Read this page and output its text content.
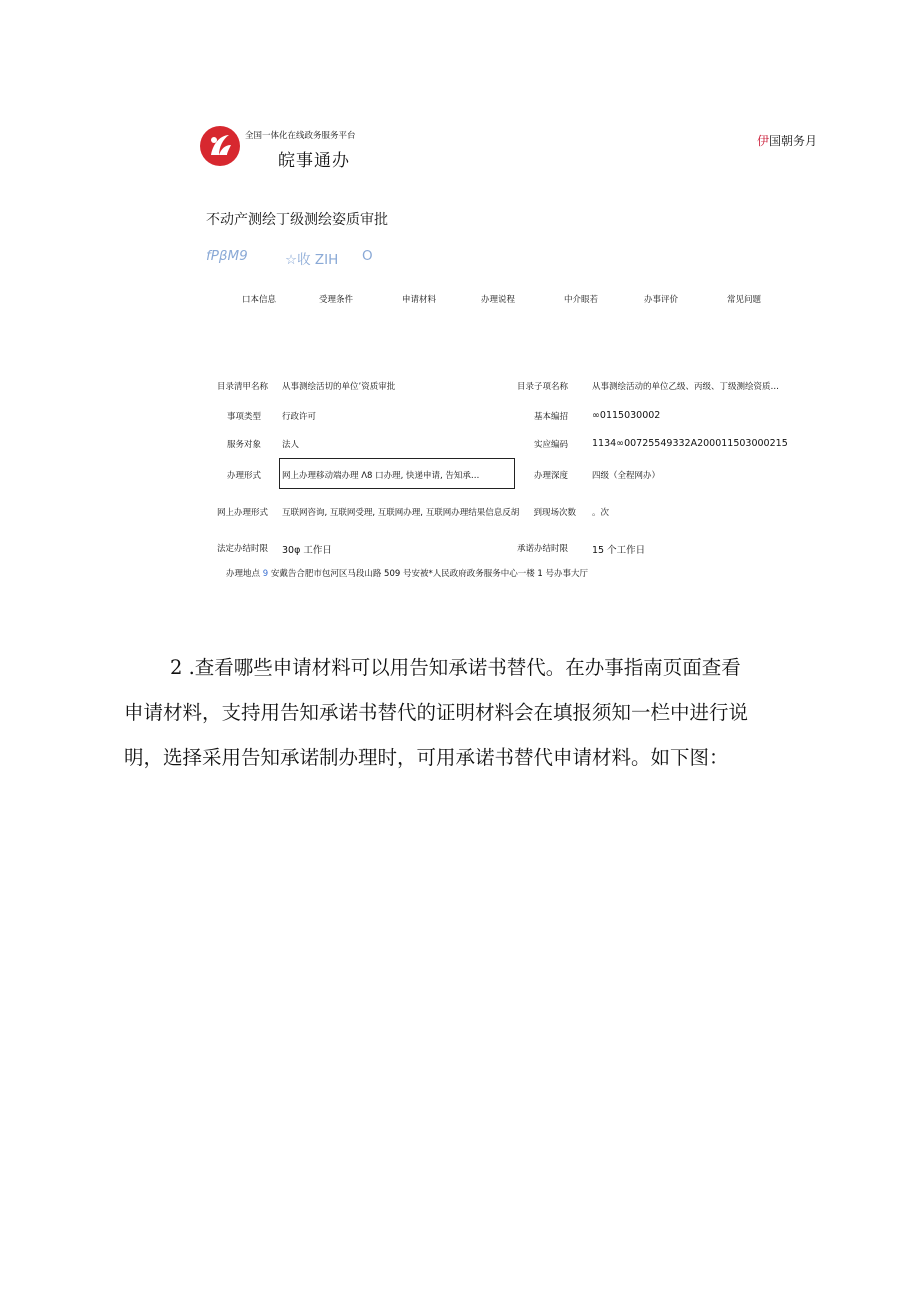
全国一体化在线政务服务平台
皖事通办
伊国朝务月
不动产测绘丁级测绘姿质审批
fPβM9	☆收 ZIH O
口本信息	受理条件	申请材料	办理说程	中介眼若	办事评价	常见问题
目录清甲名称 从事测绘活切的单位’资质审批	目录子项名称	从事测绘活动的单位乙级、丙级、丁级测绘资质…
事项类型 行政许可	基本编招	∞0115030002
服务对象 法人	实应编码	1134∞00725549332A200011503000215
办理形式 网上办理移动端办理 Λ8 口办理, 快递申请, 告知承…	办理深度	四级（全程网办）
网上办理形式 互联网咨询, 互联网受理, 互联网办理, 互联网办理结果信息反胡	到现场次数 。次
法定办结时限 30φ 工作日	承诺办结时限	15 个工作日
办理地点 9 安戴告合肥市包河区马段山路 509 号安被*人民政府政务服务中心一楼 1 号办事大厅
2 .查看哪些申请材料可以用告知承诺书替代。在办事指南页面查看
申请材料，支持用告知承诺书替代的证明材料会在填报须知一栏中进行说
明，选择采用告知承诺制办理时，可用承诺书替代申请材料。如下图：
